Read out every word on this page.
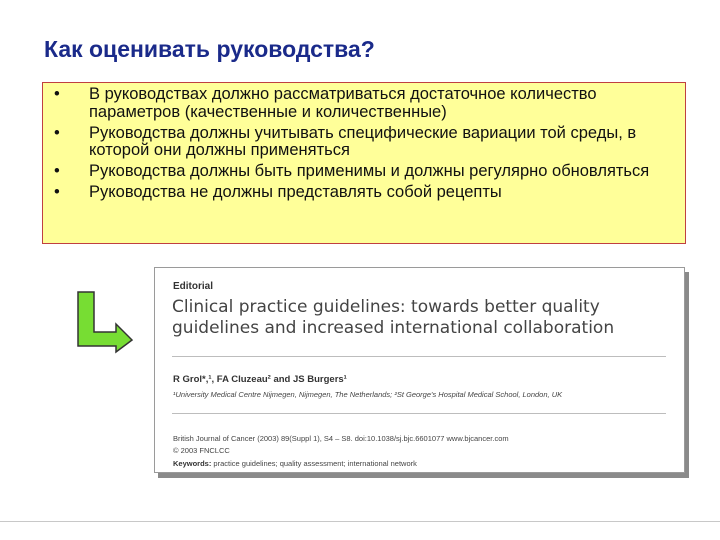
Как оценивать руководства?
• В руководствах должно рассматриваться достаточное количество параметров (качественные и количественные)
• Руководства должны учитывать специфические вариации той среды, в которой они должны применяться
• Руководства должны быть применимы и должны регулярно обновляться
• Руководства не должны представлять собой рецепты
Editorial
Clinical practice guidelines: towards better quality guidelines and increased international collaboration
R Grol*,¹, FA Cluzeau² and JS Burgers¹
¹University Medical Centre Nijmegen, Nijmegen, The Netherlands; ²St George's Hospital Medical School, London, UK
British Journal of Cancer (2003) 89(Suppl 1), S4 – S8. doi:10.1038/sj.bjc.6601077 www.bjcancer.com
© 2003 FNCLCC
Keywords: practice guidelines; quality assessment; international network
